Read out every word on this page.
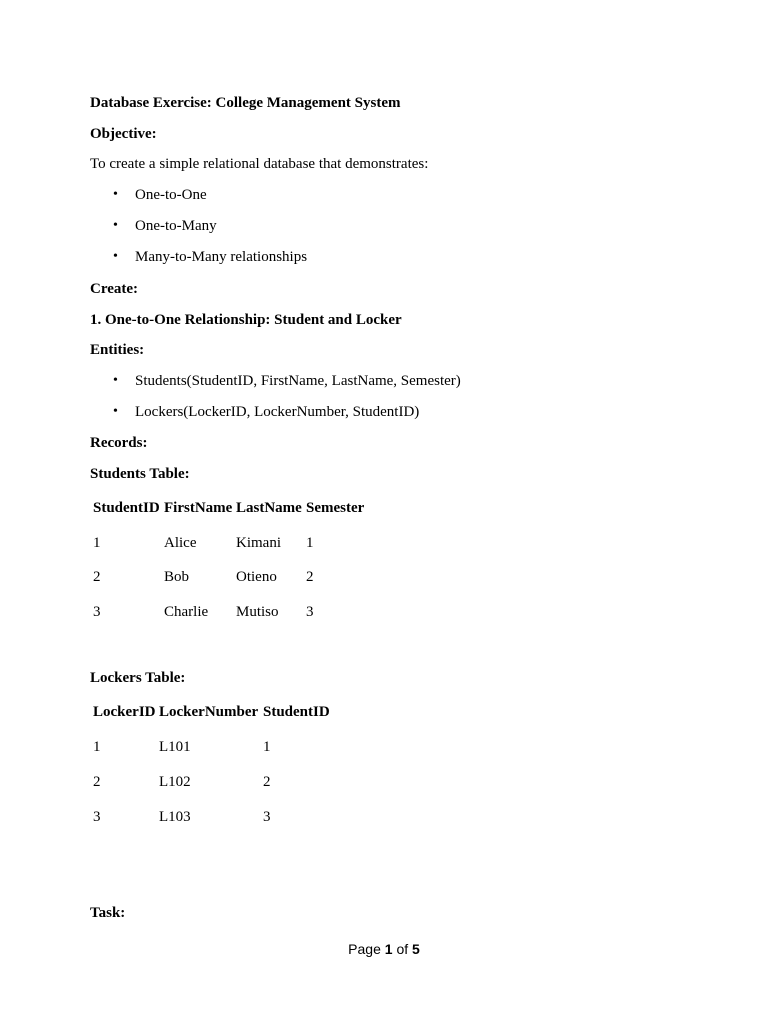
Database Exercise: College Management System
Objective:
To create a simple relational database that demonstrates:
• One-to-One
• One-to-Many
• Many-to-Many relationships
Create:
1. One-to-One Relationship: Student and Locker
Entities:
• Students(StudentID, FirstName, LastName, Semester)
• Lockers(LockerID, LockerNumber, StudentID)
Records:
Students Table:
StudentID	FirstName	LastName	Semester
1	Alice	Kimani	1
2	Bob	Otieno	2
3	Charlie	Mutiso	3
Lockers Table:
LockerID	LockerNumber	StudentID
1	L101	1
2	L102	2
3	L103	3
Task:
Page 1 of 5
